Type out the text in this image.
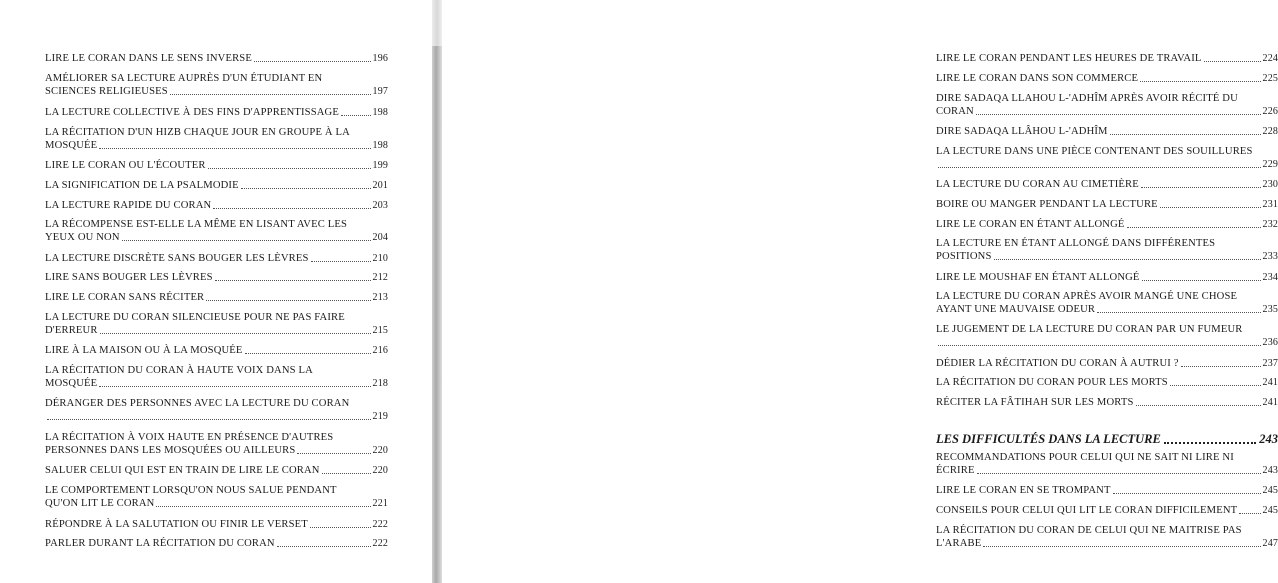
LIRE LE CORAN DANS LE SENS INVERSE	196
AMÉLIORER SA LECTURE AUPRÈS D'UN ÉTUDIANT EN
SCIENCES RELIGIEUSES	197
LA LECTURE COLLECTIVE À DES FINS D'APPRENTISSAGE	198
LA RÉCITATION D'UN HIZB CHAQUE JOUR EN GROUPE À LA
MOSQUÉE	198
LIRE LE CORAN OU L'ÉCOUTER	199
LA SIGNIFICATION DE LA PSALMODIE	201
LA LECTURE RAPIDE DU CORAN	203
LA RÉCOMPENSE EST-ELLE LA MÊME EN LISANT AVEC LES
YEUX OU NON	204
LA LECTURE DISCRÈTE SANS BOUGER LES LÈVRES	210
LIRE SANS BOUGER LES LÈVRES	212
LIRE LE CORAN SANS RÉCITER	213
LA LECTURE DU CORAN SILENCIEUSE POUR NE PAS FAIRE
D'ERREUR	215
LIRE À LA MAISON OU À LA MOSQUÉE	216
LA RÉCITATION DU CORAN À HAUTE VOIX DANS LA
MOSQUÉE	218
DÉRANGER DES PERSONNES AVEC LA LECTURE DU CORAN
219
LA RÉCITATION À VOIX HAUTE EN PRÉSENCE D'AUTRES
PERSONNES DANS LES MOSQUÉES OU AILLEURS	220
SALUER CELUI QUI EST EN TRAIN DE LIRE LE CORAN	220
LE COMPORTEMENT LORSQU'ON NOUS SALUE PENDANT
QU'ON LIT LE CORAN	221
RÉPONDRE À LA SALUTATION OU FINIR LE VERSET	222
PARLER DURANT LA RÉCITATION DU CORAN	222
LIRE LE CORAN PENDANT LES HEURES DE TRAVAIL	224
LIRE LE CORAN DANS SON COMMERCE	225
DIRE SADAQA LLAHOU L-'ADHÎM APRÈS AVOIR RÉCITÉ DU
CORAN	226
DIRE SADAQA LLÂHOU L-'ADHÎM	228
LA LECTURE DANS UNE PIÈCE CONTENANT DES SOUILLURES
229
LA LECTURE DU CORAN AU CIMETIÈRE	230
BOIRE OU MANGER PENDANT LA LECTURE	231
LIRE LE CORAN EN ÉTANT ALLONGÉ	232
LA LECTURE EN ÉTANT ALLONGÉ DANS DIFFÉRENTES
POSITIONS	233
LIRE LE MOUSHAF EN ÉTANT ALLONGÉ	234
LA LECTURE DU CORAN APRÈS AVOIR MANGÉ UNE CHOSE
AYANT UNE MAUVAISE ODEUR	235
LE JUGEMENT DE LA LECTURE DU CORAN PAR UN FUMEUR
236
DÉDIER LA RÉCITATION DU CORAN À AUTRUI ?	237
LA RÉCITATION DU CORAN POUR LES MORTS	241
RÉCITER LA FÂTIHAH SUR LES MORTS	241
LES DIFFICULTÉS DANS LA LECTURE	243
RECOMMANDATIONS POUR CELUI QUI NE SAIT NI LIRE NI
ÉCRIRE	243
LIRE LE CORAN EN SE TROMPANT	245
CONSEILS POUR CELUI QUI LIT LE CORAN DIFFICILEMENT	245
LA RÉCITATION DU CORAN DE CELUI QUI NE MAITRISE PAS
L'ARABE	247
